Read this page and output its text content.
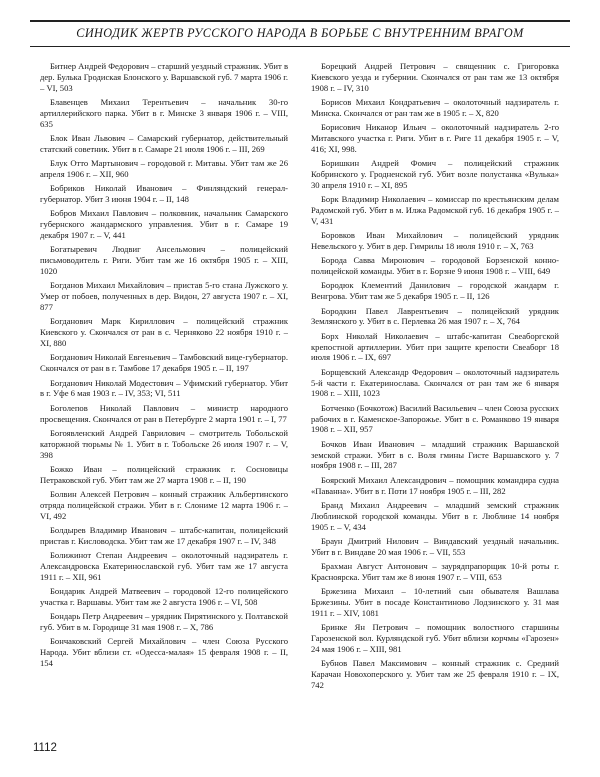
СИНОДИК ЖЕРТВ РУССКОГО НАРОДА В БОРЬБЕ С ВНУТРЕННИМ ВРАГОМ

Битнер Андрей Федорович – старший уездный стражник. Убит в дер. Булька Гродиская Блонского у. Варшавской губ. 7 марта 1906 г. – VI, 503

Блавенцев Михаил Терентьевич – начальник 30-го артиллерийского парка. Убит в г. Минске 3 января 1906 г. – VIII, 635

Блок Иван Львович – Самарский губернатор, действительный статский советник. Убит в г. Самаре 21 июля 1906 г. – III, 269

Блук Отто Мартынович – городовой г. Митавы. Убит там же 26 апреля 1906 г. – XII, 960

Бобриков Николай Иванович – Финляндский генерал-губернатор. Убит 3 июня 1904 г. – II, 148

Бобров Михаил Павлович – полковник, начальник Самарского губернского жандармского управления. Убит в г. Самаре 19 декабря 1907 г. – V, 441

Богатыревич Людвиг Ансельмович – полицейский письмоводитель г. Риги. Убит там же 16 октября 1905 г. – XIII, 1020

Богданов Михаил Михайлович – пристав 5-го стана Лужского у. Умер от побоев, полученных в дер. Видон, 27 августа 1907 г. – XI, 877

Богданович Марк Кириллович – полицейский стражник Киевского у. Скончался от ран в с. Черняково 22 ноября 1910 г. – XI, 880

Богданович Николай Евгеньевич – Тамбовский вице-губернатор. Скончался от ран в г. Тамбове 17 декабря 1905 г. – II, 197

Богданович Николай Модестович – Уфимский губернатор. Убит в г. Уфе 6 мая 1903 г. – IV, 353; VI, 511

Боголепов Николай Павлович – министр народного просвещения. Скончался от ран в Петербурге 2 марта 1901 г. – I, 77

Богоявленский Андрей Гаврилович – смотритель Тобольской каторжной тюрьмы № 1. Убит в г. Тобольске 26 июля 1907 г. – V, 398

Божко Иван – полицейский стражник г. Сосновицы Петраковской губ. Убит там же 27 марта 1908 г. – II, 190

Болвин Алексей Петрович – конный стражник Альбертинского отряда полицейской стражи. Убит в г. Слониме 12 марта 1906 г. – VI, 492

Болдырев Владимир Иванович – штабс-капитан, полицейский пристав г. Кисловодска. Убит там же 17 декабря 1907 г. – IV, 348

Болижинот Степан Андреевич – околоточный надзиратель г. Александровска Екатеринославской губ. Убит там же 17 августа 1911 г. – XII, 961

Бондарик Андрей Матвеевич – городовой 12-го полицейского участка г. Варшавы. Убит там же 2 августа 1906 г. – VI, 508

Бондарь Петр Андреевич – урядник Пирятинского у. Полтавской губ. Убит в м. Городище 31 мая 1908 г. – X, 786

Бончаковский Сергей Михайлович – член Союза Русского Народа. Убит вблизи ст. «Одесса-малая» 15 февраля 1908 г. – II, 154

Борецкий Андрей Петрович – священник с. Григоровка Киевского уезда и губернии. Скончался от ран там же 13 октября 1908 г. – IV, 310

Борисов Михаил Кондратьевич – околоточный надзиратель г. Минска. Скончался от ран там же в 1905 г. – X, 820

Борисович Никанор Ильич – околоточный надзиратель 2-го Митавского участка г. Риги. Убит в г. Риге 11 декабря 1905 г. – V, 416; XI, 998.

Боришкин Андрей Фомич – полицейский стражник Кобринского у. Гродненской губ. Убит возле полустанка «Вулька» 30 апреля 1910 г. – XI, 895

Борк Владимир Николаевич – комиссар по крестьянским делам Радомской губ. Убит в м. Илжа Радомской губ. 16 декабря 1905 г. – V, 431

Боровков Иван Михайлович – полицейский урядник Невельского у. Убит в дер. Гимрилы 18 июля 1910 г. – X, 763

Борода Савва Миронович – городовой Борзенской конно-полицейской команды. Убит в г. Борзне 9 июня 1908 г. – VIII, 649

Бородюк Клементий Данилович – городской жандарм г. Венгрова. Убит там же 5 декабря 1905 г. – II, 126

Бородкин Павел Лаврентьевич – полицейский урядник Землянского у. Убит в с. Перлевка 26 мая 1907 г. – X, 764

Борх Николай Николаевич – штабс-капитан Свеаборгской крепостной артиллерии. Убит при защите крепости Свеаборг 18 июля 1906 г. – IX, 697

Борщевский Александр Федорович – околоточный надзиратель 5-й части г. Екатеринослава. Скончался от ран там же 6 января 1908 г. – XIII, 1023

Ботченко (Бочкотож) Василий Васильевич – член Союза русских рабочих в г. Каменское-Запорожье. Убит в с. Романково 19 января 1908 г. – XII, 957

Бочков Иван Иванович – младший стражник Варшавской земской стражи. Убит в с. Воля гмины Гисте Варшавского у. 7 ноября 1908 г. – III, 287

Боярский Михаил Александрович – помощник командира судна «Паванна». Убит в г. Поти 17 ноября 1905 г. – III, 282

Бранд Михаил Андреевич – младший земский стражник Люблинской городской команды. Убит в г. Люблине 14 ноября 1905 г. – V, 434

Браун Дмитрий Нилович – Виндавский уездный начальник. Убит в г. Виндаве 20 мая 1906 г. – VII, 553

Брахман Август Антонович – заурядпрапорщик 10-й роты г. Красноярска. Убит там же 8 июня 1907 г. – VIII, 653

Бржезина Михаил – 10-летний сын обывателя Вашлава Бржезины. Убит в посаде Константиново Лодзинского у. 31 мая 1911 г. – XIV, 1081

Бринке Ян Петрович – помощник волостного старшины Гарозенской вол. Курляндской губ. Убит вблизи корчмы «Гарозен» 24 мая 1906 г. – XIII, 981

Бубнов Павел Максимович – конный стражник с. Средний Карачан Новохоперского у. Убит там же 25 февраля 1910 г. – IX, 742

1112
